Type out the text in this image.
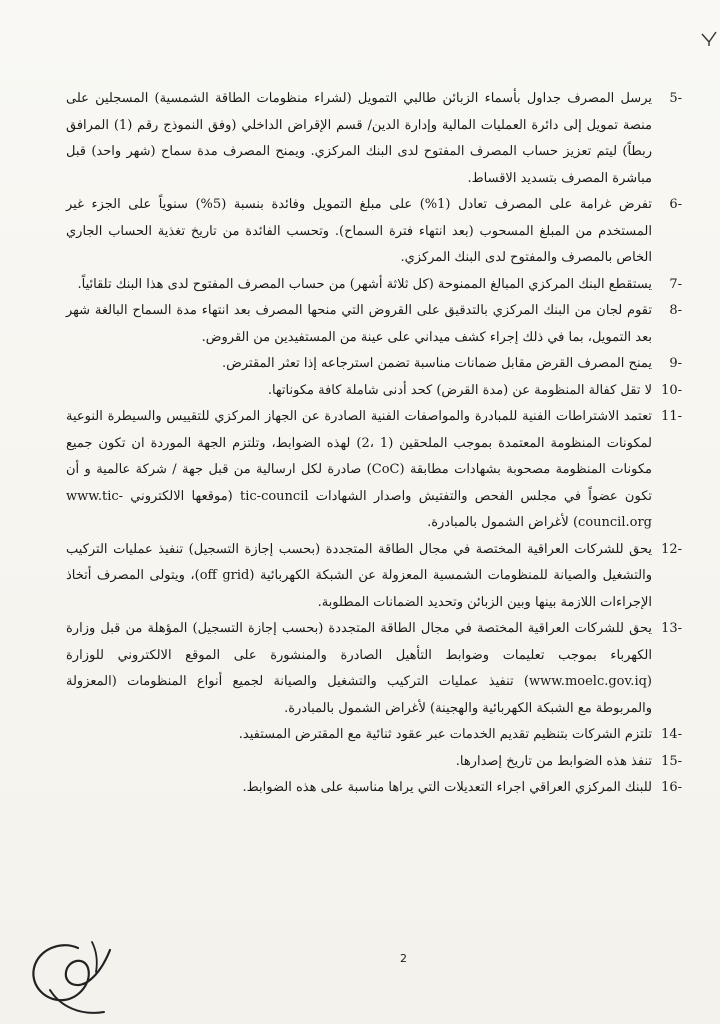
5-
يرسل المصرف جداول بأسماء الزبائن طالبي التمويل (لشراء منظومات الطاقة الشمسية) المسجلين على منصة تمويل إلى دائرة العمليات المالية وإدارة الدين/ قسم الإقراض الداخلي (وفق النموذج رقم (1) المرافق ربطاً) ليتم تعزيز حساب المصرف المفتوح لدى البنك المركزي. ويمنح المصرف مدة سماح (شهر واحد) قبل مباشرة المصرف بتسديد الاقساط.
6-
تفرض غرامة على المصرف تعادل (1%) على مبلغ التمويل وفائدة بنسبة (5%) سنوياً على الجزء غير المستخدم من المبلغ المسحوب (بعد انتهاء فترة السماح). وتحسب الفائدة من تاريخ تغذية الحساب الجاري الخاص بالمصرف والمفتوح لدى البنك المركزي.
7-
يستقطع البنك المركزي المبالغ الممنوحة (كل ثلاثة أشهر) من حساب المصرف المفتوح لدى هذا البنك تلقائياً.
8-
تقوم لجان من البنك المركزي بالتدقيق على القروض التي منحها المصرف بعد انتهاء مدة السماح البالغة شهر بعد التمويل، بما في ذلك إجراء كشف ميداني على عينة من المستفيدين من القروض.
9-
يمنح المصرف القرض مقابل ضمانات مناسبة تضمن استرجاعه إذا تعثر المقترض.
10-
لا تقل كفالة المنظومة عن (مدة القرض) كحد أدنى شاملة كافة مكوناتها.
11-
تعتمد الاشتراطات الفنية للمبادرة والمواصفات الفنية الصادرة عن الجهاز المركزي للتقييس والسيطرة النوعية لمكونات المنظومة المعتمدة بموجب الملحقين (1 ،2) لهذه الضوابط، وتلتزم الجهة الموردة ان تكون جميع مكونات المنظومة مصحوبة بشهادات مطابقة (CoC) صادرة لكل ارسالية من قبل جهة / شركة عالمية و أن تكون عضواً في مجلس الفحص والتفتيش واصدار الشهادات tic-council (موقعها الالكتروني www.tic- council.org) لأغراض الشمول بالمبادرة.
12-
يحق للشركات العراقية المختصة في مجال الطاقة المتجددة (بحسب إجازة التسجيل) تنفيذ عمليات التركيب والتشغيل والصيانة للمنظومات الشمسية المعزولة عن الشبكة الكهربائية (off grid)، ويتولى المصرف أتخاذ الإجراءات اللازمة بينها وبين الزبائن وتحديد الضمانات المطلوبة.
13-
يحق للشركات العراقية المختصة في مجال الطاقة المتجددة (بحسب إجازة التسجيل) المؤهلة من قبل وزارة الكهرباء بموجب تعليمات وضوابط التأهيل الصادرة والمنشورة على الموقع الالكتروني للوزارة (www.moelc.gov.iq) تنفيذ عمليات التركيب والتشغيل والصيانة لجميع أنواع المنظومات (المعزولة والمربوطة مع الشبكة الكهربائية والهجينة) لأغراض الشمول بالمبادرة.
14-
تلتزم الشركات بتنظيم تقديم الخدمات عبر عقود ثنائية مع المقترض المستفيد.
15-
تنفذ هذه الضوابط من تاريخ إصدارها.
16-
للبنك المركزي العراقي اجراء التعديلات التي يراها مناسبة على هذه الضوابط.
2
